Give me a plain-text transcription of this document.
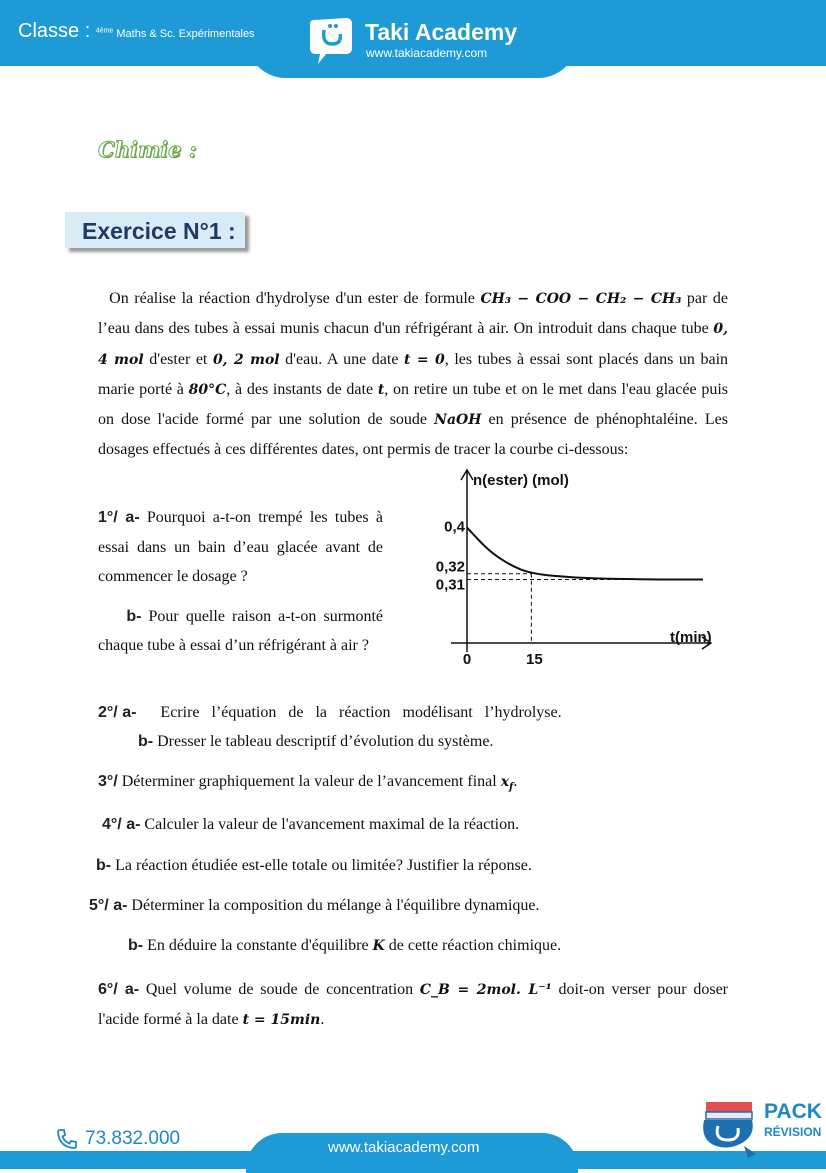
Classe : $^{4ème}$ Maths & Sc. Expérimentales	Taki Academy
www.takiacademy.com
Chimie :
Exercice N°1 :
On réalise la réaction d'hydrolyse d'un ester de formule CH₃ − COO − CH₂ − CH₃ par de l’eau dans des tubes à essai munis chacun d'un réfrigérant à air. On introduit dans chaque tube 0, 4 mol d'ester et 0, 2 mol d'eau. A une date t = 0, les tubes à essai sont placés dans un bain marie porté à 80°C, à des instants de date t, on retire un tube et on le met dans l'eau glacée puis on dose l'acide formé par une solution de soude NaOH en présence de phénophtaléine. Les dosages effectués à ces différentes dates, ont permis de tracer la courbe ci-dessous:
1°/ a- Pourquoi a-t-on trempé les tubes à essai dans un bain d’eau glacée avant de commencer le dosage ?
b- Pour quelle raison a-t-on surmonté chaque tube à essai d’un réfrigérant à air ?
n(ester) (mol)
t(min)
0,4
0,32
0,31
0	15
2°/ a-    Ecrire l’équation de la réaction modélisant l’hydrolyse.
b- Dresser le tableau descriptif d’évolution du système.
3°/ Déterminer graphiquement la valeur de l’avancement final $x_f$.
4°/ a- Calculer la valeur de l'avancement maximal de la réaction.
b- La réaction étudiée est-elle totale ou limitée? Justifier la réponse.
5°/ a- Déterminer la composition du mélange à l'équilibre dynamique.
b- En déduire la constante d'équilibre K de cette réaction chimique.
6°/ a- Quel volume de soude de concentration C_B = 2mol. L⁻¹ doit-on verser pour doser l'acide formé à la date t = 15min.
www.takiacademy.com
73.832.000
PACK
RÉVISION
